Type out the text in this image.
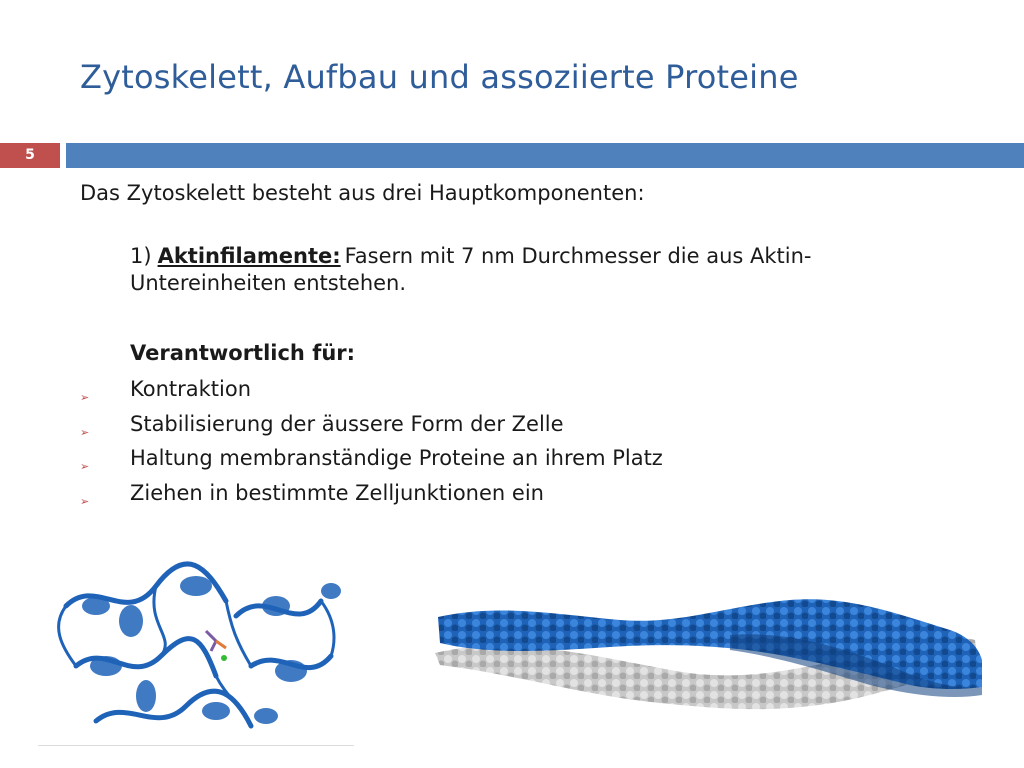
Zytoskelett, Aufbau und assoziierte Proteine
5

Das Zytoskelett besteht aus drei Hauptkomponenten:

1) Aktinfilamente: Fasern mit 7 nm Durchmesser die aus Aktin-Untereinheiten entstehen.

Verantwortlich für:

➢ Kontraktion
➢ Stabilisierung der äussere Form der Zelle
➢ Haltung membranständige Proteine an ihrem Platz
➢ Ziehen in bestimmte Zelljunktionen ein
